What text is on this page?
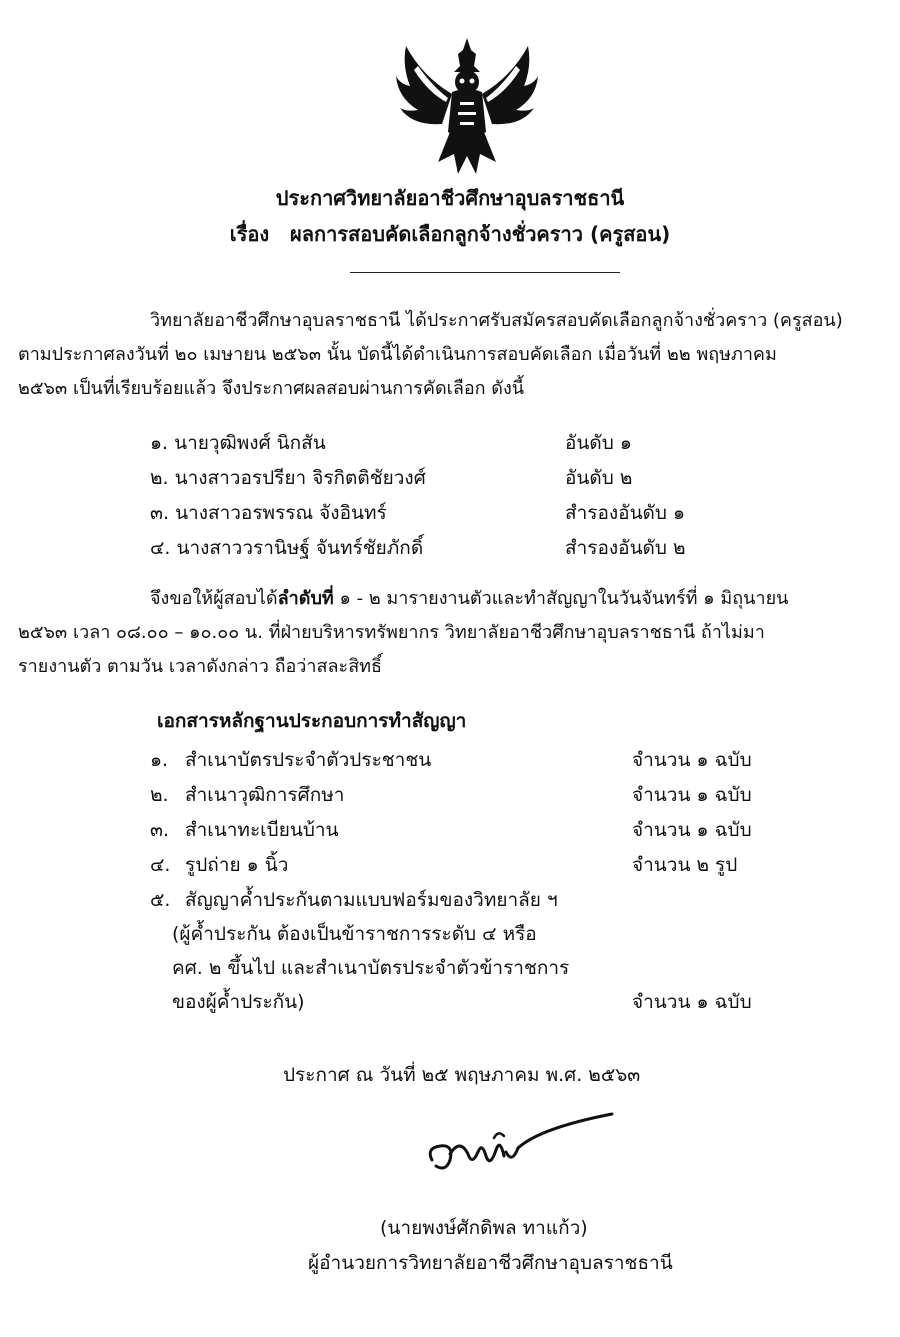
ประกาศวิทยาลัยอาชีวศึกษาอุบลราชธานี
เรื่อง ผลการสอบคัดเลือกลูกจ้างชั่วคราว (ครูสอน)
วิทยาลัยอาชีวศึกษาอุบลราชธานี ได้ประกาศรับสมัครสอบคัดเลือกลูกจ้างชั่วคราว (ครูสอน)
ตามประกาศลงวันที่ ๒๐ เมษายน ๒๕๖๓ นั้น บัดนี้ได้ดำเนินการสอบคัดเลือก เมื่อวันที่ ๒๒ พฤษภาคม
๒๕๖๓ เป็นที่เรียบร้อยแล้ว จึงประกาศผลสอบผ่านการคัดเลือก ดังนี้
๑. นายวุฒิพงศ์ นิกสัน	อันดับ ๑
๒. นางสาวอรปรียา จิรกิตติชัยวงศ์	อันดับ ๒
๓. นางสาวอรพรรณ จังอินทร์	สำรองอันดับ ๑
๔. นางสาววรานิษฐ์ จันทร์ชัยภักดิ์	สำรองอันดับ ๒
จึงขอให้ผู้สอบได้ลำดับที่ ๑ - ๒ มารายงานตัวและทำสัญญาในวันจันทร์ที่ ๑ มิถุนายน
๒๕๖๓ เวลา ๐๘.๐๐ – ๑๐.๐๐ น. ที่ฝ่ายบริหารทรัพยากร วิทยาลัยอาชีวศึกษาอุบลราชธานี ถ้าไม่มา
รายงานตัว ตามวัน เวลาดังกล่าว ถือว่าสละสิทธิ์
เอกสารหลักฐานประกอบการทำสัญญา
๑. สำเนาบัตรประจำตัวประชาชน	จำนวน ๑ ฉบับ
๒. สำเนาวุฒิการศึกษา	จำนวน ๑ ฉบับ
๓. สำเนาทะเบียนบ้าน	จำนวน ๑ ฉบับ
๔. รูปถ่าย ๑ นิ้ว	จำนวน ๒ รูป
๕. สัญญาค้ำประกันตามแบบฟอร์มของวิทยาลัย ฯ
(ผู้ค้ำประกัน ต้องเป็นข้าราชการระดับ ๔ หรือ
คศ. ๒ ขึ้นไป และสำเนาบัตรประจำตัวข้าราชการ
ของผู้ค้ำประกัน)	จำนวน ๑ ฉบับ
ประกาศ ณ วันที่ ๒๕ พฤษภาคม พ.ศ. ๒๕๖๓
(นายพงษ์ศักดิพล ทาแก้ว)
ผู้อำนวยการวิทยาลัยอาชีวศึกษาอุบลราชธานี
